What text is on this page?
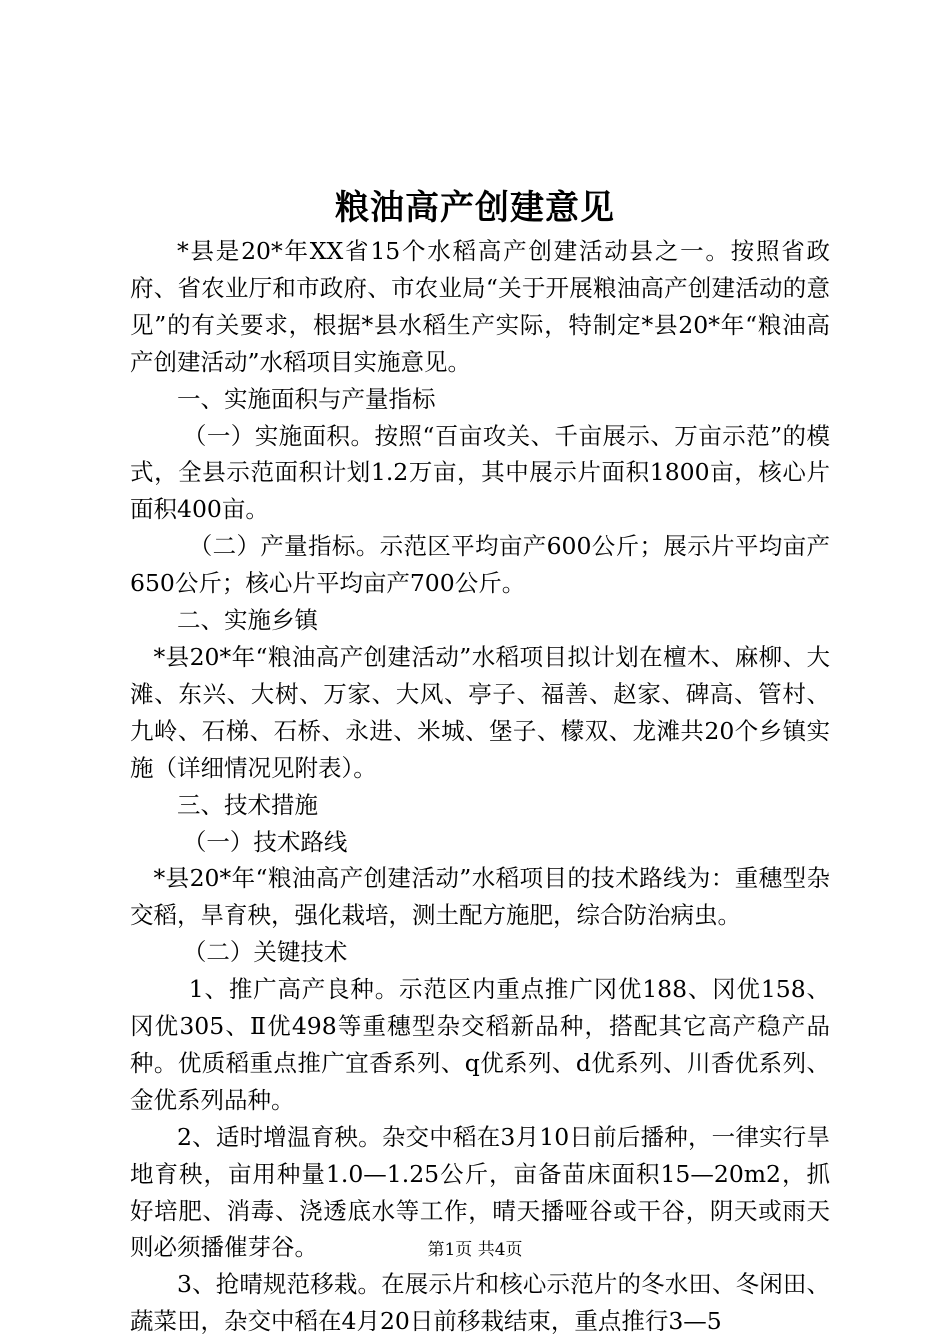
粮油高产创建意见

*县是20*年XX省15个水稻高产创建活动县之一。按照省政府、省农业厅和市政府、市农业局“关于开展粮油高产创建活动的意见”的有关要求，根据*县水稻生产实际，特制定*县20*年“粮油高产创建活动”水稻项目实施意见。

一、实施面积与产量指标

（一）实施面积。按照“百亩攻关、千亩展示、万亩示范”的模式，全县示范面积计划1.2万亩，其中展示片面积1800亩，核心片面积400亩。

（二）产量指标。示范区平均亩产600公斤；展示片平均亩产650公斤；核心片平均亩产700公斤。

二、实施乡镇

*县20*年“粮油高产创建活动”水稻项目拟计划在檀木、麻柳、大滩、东兴、大树、万家、大风、亭子、福善、赵家、碑高、管村、九岭、石梯、石桥、永进、米城、堡子、檬双、龙滩共20个乡镇实施（详细情况见附表）。

三、技术措施

（一）技术路线

*县20*年“粮油高产创建活动”水稻项目的技术路线为：重穗型杂交稻，旱育秧，强化栽培，测土配方施肥，综合防治病虫。

（二）关键技术

1、推广高产良种。示范区内重点推广冈优188、冈优158、冈优305、Ⅱ优498等重穗型杂交稻新品种，搭配其它高产稳产品种。优质稻重点推广宜香系列、q优系列、d优系列、川香优系列、金优系列品种。

2、适时增温育秧。杂交中稻在3月10日前后播种，一律实行旱地育秧，亩用种量1.0—1.25公斤，亩备苗床面积15—20m2，抓好培肥、消毒、浇透底水等工作，晴天播哑谷或干谷，阴天或雨天则必须播催芽谷。

3、抢晴规范移栽。在展示片和核心示范片的冬水田、冬闲田、蔬菜田，杂交中稻在4月20日前移栽结束，重点推行3—5

第1页 共4页
